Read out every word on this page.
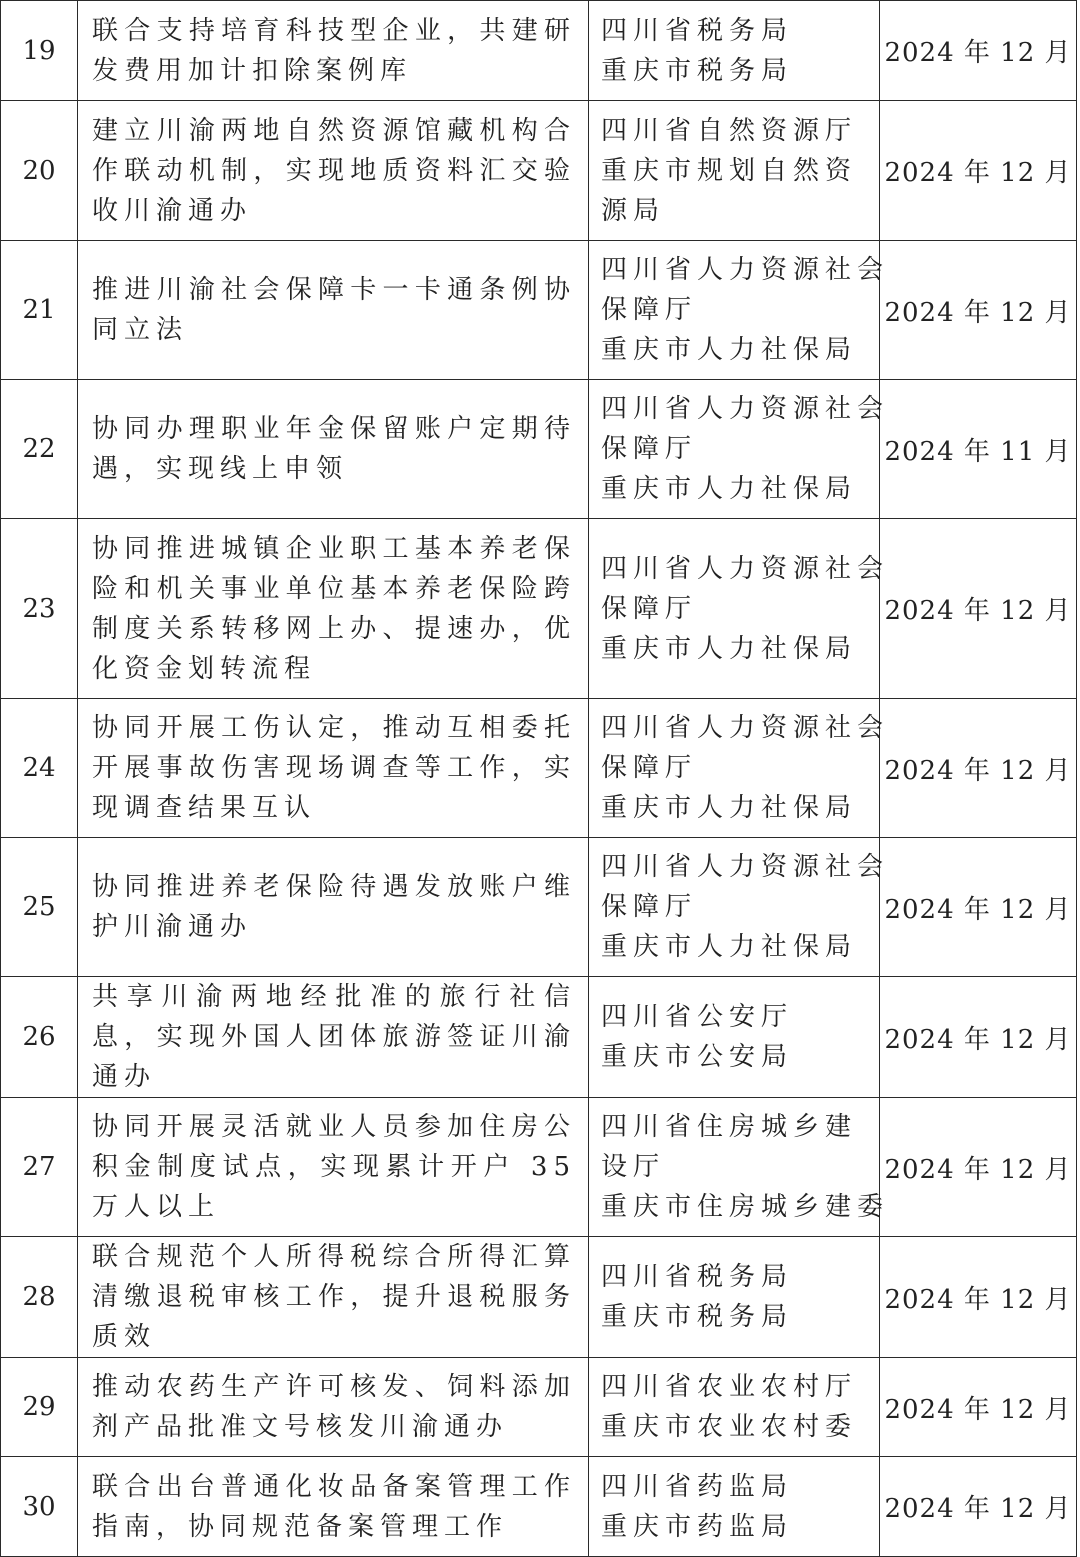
19	联合支持培育科技型企业，共建研发费用加计扣除案例库	四川省税务局
重庆市税务局	2024 年 12 月
20	建立川渝两地自然资源馆藏机构合作联动机制，实现地质资料汇交验收川渝通办	四川省自然资源厅
重庆市规划自然资
源局	2024 年 12 月
21	推进川渝社会保障卡一卡通条例协同立法	四川省人力资源社会
保障厅
重庆市人力社保局	2024 年 12 月
22	协同办理职业年金保留账户定期待遇，实现线上申领	四川省人力资源社会
保障厅
重庆市人力社保局	2024 年 11 月
23	协同推进城镇企业职工基本养老保险和机关事业单位基本养老保险跨制度关系转移网上办、提速办，优化资金划转流程	四川省人力资源社会
保障厅
重庆市人力社保局	2024 年 12 月
24	协同开展工伤认定，推动互相委托开展事故伤害现场调查等工作，实现调查结果互认	四川省人力资源社会
保障厅
重庆市人力社保局	2024 年 12 月
25	协同推进养老保险待遇发放账户维护川渝通办	四川省人力资源社会
保障厅
重庆市人力社保局	2024 年 12 月
26	共享川渝两地经批准的旅行社信息，实现外国人团体旅游签证川渝通办	四川省公安厅
重庆市公安局	2024 年 12 月
27	协同开展灵活就业人员参加住房公积金制度试点，实现累计开户 35 万人以上	四川省住房城乡建
设厅
重庆市住房城乡建委	2024 年 12 月
28	联合规范个人所得税综合所得汇算清缴退税审核工作，提升退税服务质效	四川省税务局
重庆市税务局	2024 年 12 月
29	推动农药生产许可核发、饲料添加剂产品批准文号核发川渝通办	四川省农业农村厅
重庆市农业农村委	2024 年 12 月
30	联合出台普通化妆品备案管理工作指南，协同规范备案管理工作	四川省药监局
重庆市药监局	2024 年 12 月
